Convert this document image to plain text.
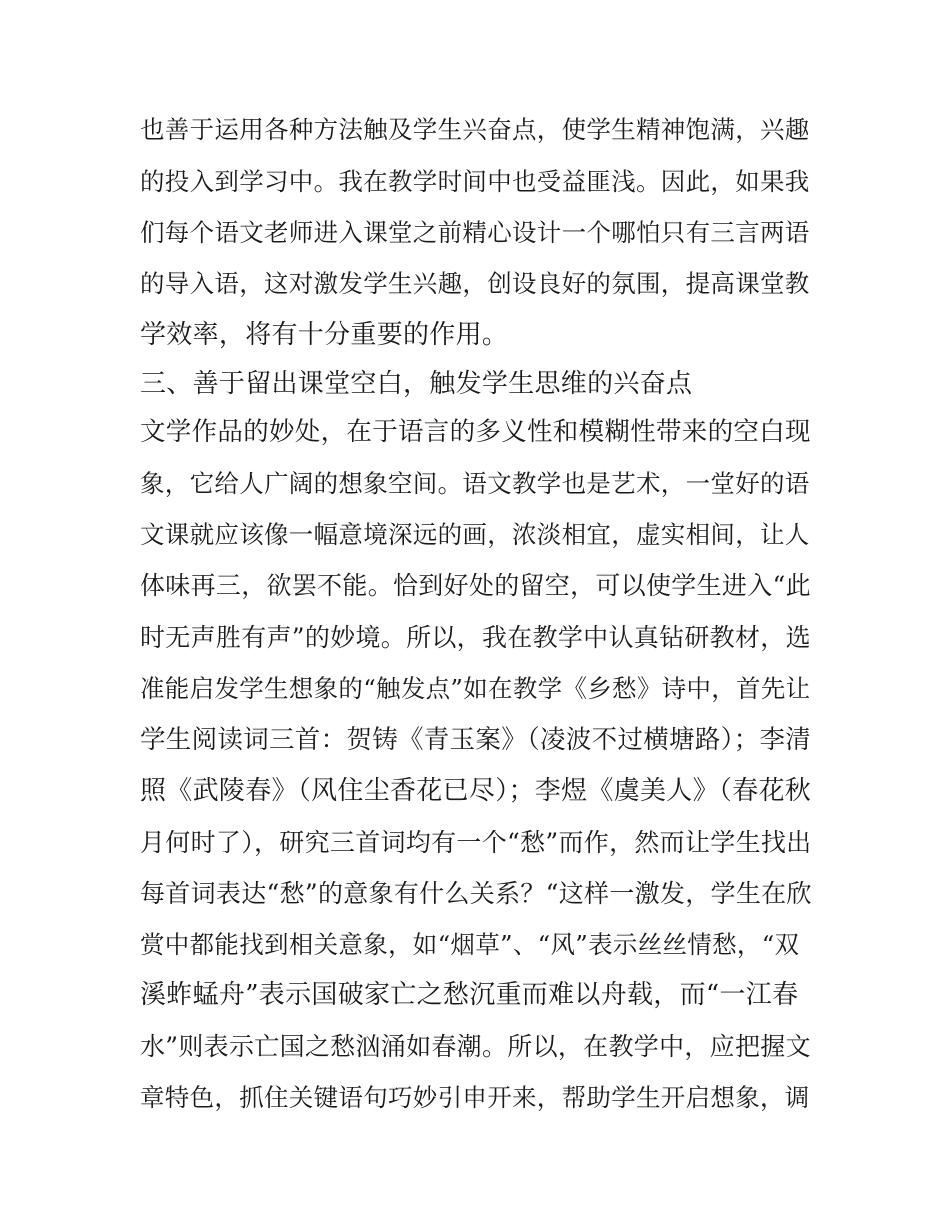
也善于运用各种方法触及学生兴奋点，使学生精神饱满，兴趣
的投入到学习中。我在教学时间中也受益匪浅。因此，如果我
们每个语文老师进入课堂之前精心设计一个哪怕只有三言两语
的导入语，这对激发学生兴趣，创设良好的氛围，提高课堂教
学效率，将有十分重要的作用。
三、善于留出课堂空白，触发学生思维的兴奋点
文学作品的妙处，在于语言的多义性和模糊性带来的空白现
象，它给人广阔的想象空间。语文教学也是艺术，一堂好的语
文课就应该像一幅意境深远的画，浓淡相宜，虚实相间，让人
体味再三，欲罢不能。恰到好处的留空，可以使学生进入“此
时无声胜有声”的妙境。所以，我在教学中认真钻研教材，选
准能启发学生想象的“触发点”如在教学《乡愁》诗中，首先让
学生阅读词三首：贺铸《青玉案》（凌波不过横塘路）；李清
照《武陵春》（风住尘香花已尽）；李煜《虞美人》（春花秋
月何时了），研究三首词均有一个“愁”而作，然而让学生找出
每首词表达“愁”的意象有什么关系？“这样一激发，学生在欣
赏中都能找到相关意象，如“烟草”、“风”表示丝丝情愁，“双
溪蚱蜢舟”表示国破家亡之愁沉重而难以舟载，而“一江春
水”则表示亡国之愁汹涌如春潮。所以，在教学中，应把握文
章特色，抓住关键语句巧妙引申开来，帮助学生开启想象，调
